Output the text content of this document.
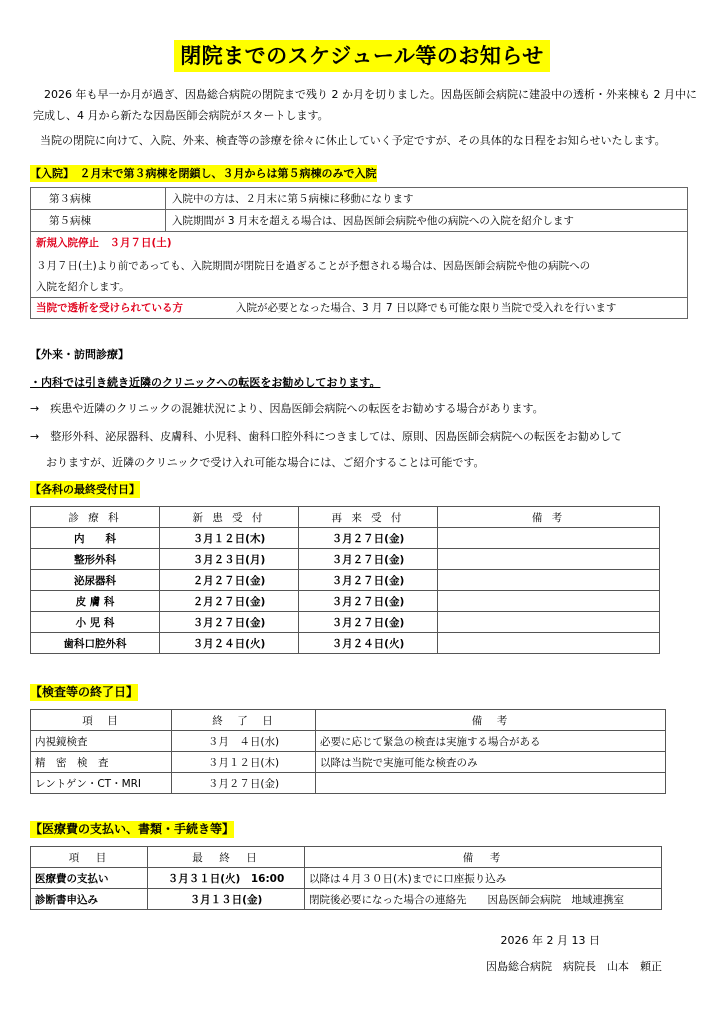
閉院までのスケジュール等のお知らせ
2026 年も早一か月が過ぎ、因島総合病院の閉院まで残り 2 か月を切りました。因島医師会病院に建設中の透析・外来棟も 2 月中に完成し、4 月から新たな因島医師会病院がスタートします。
当院の閉院に向けて、入院、外来、検査等の診療を徐々に休止していく予定ですが、その具体的な日程をお知らせいたします。
【入院】　２月末で第３病棟を閉鎖し、３月からは第５病棟のみで入院
第３病棟	入院中の方は、２月末に第５病棟に移動になります
第５病棟	入院期間が 3 月末を超える場合は、因島医師会病院や他の病院への入院を紹介します
新規入院停止　３月７日(土)
３月７日(土)より前であっても、入院期間が閉院日を過ぎることが予想される場合は、因島医師会病院や他の病院への
入院を紹介します。
当院で透析を受けられている方	入院が必要となった場合、3 月 7 日以降でも可能な限り当院で受入れを行います
【外来・訪問診療】
・内科では引き続き近隣のクリニックへの転医をお勧めしております。
→　疾患や近隣のクリニックの混雑状況により、因島医師会病院への転医をお勧めする場合があります。
→　整形外科、泌尿器科、皮膚科、小児科、歯科口腔外科につきましては、原則、因島医師会病院への転医をお勧めして
おりますが、近隣のクリニックで受け入れ可能な場合には、ご紹介することは可能です。
【各科の最終受付日】
診 療 科	新 患 受 付	再 来 受 付	備 考
内　　科	３月１２日(木)	３月２７日(金)	
整形外科	３月２３日(月)	３月２７日(金)	
泌尿器科	２月２７日(金)	３月２７日(金)	
皮 膚 科	２月２７日(金)	３月２７日(金)	
小 児 科	３月２７日(金)	３月２７日(金)	
歯科口腔外科	３月２４日(火)	３月２４日(火)	
【検査等の終了日】
項　目	終　了　日	備　考
内視鏡検査	３月　４日(水)	必要に応じて緊急の検査は実施する場合がある
精　密　検　査	３月１２日(木)	以降は当院で実施可能な検査のみ
レントゲン・CT・MRI	３月２７日(金)	
【医療費の支払い、書類・手続き等】
項　目	最　終　日	備　考
医療費の支払い	３月３１日(火)　16:00	以降は４月３０日(木)までに口座振り込み
診断書申込み	３月１３日(金)	閉院後必要になった場合の連絡先　　因島医師会病院　地域連携室
2026 年 2 月 13 日
因島総合病院　病院長　山本　頼正
